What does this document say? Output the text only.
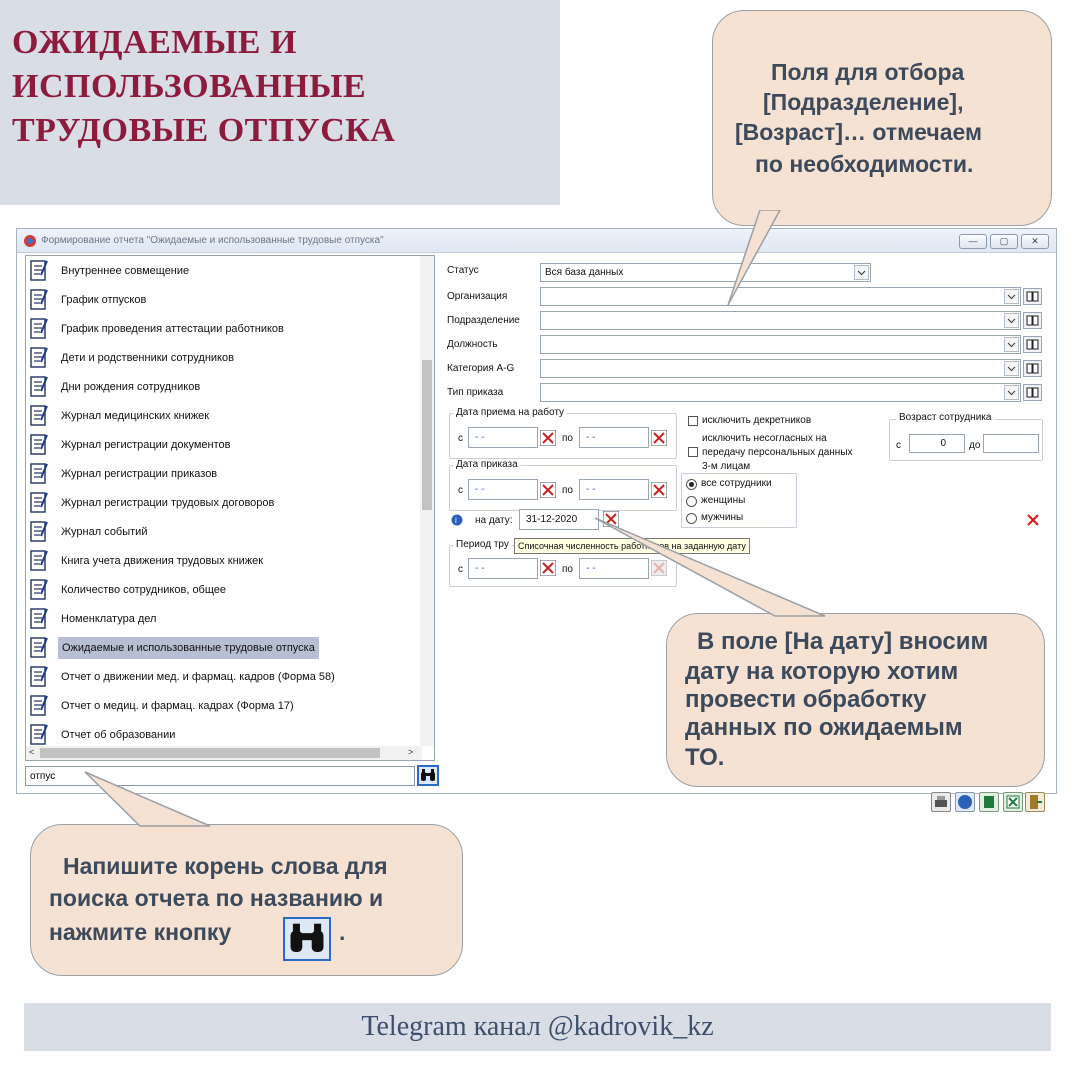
ОЖИДАЕМЫЕ И
ИСПОЛЬЗОВАННЫЕ
ТРУДОВЫЕ ОТПУСКА
Формирование отчета "Ожидаемые и использованные трудовые отпуска"	—	▢	✕
Внутреннее совмещение
График отпусков
График проведения аттестации работников
Дети и родственники сотрудников
Дни рождения сотрудников
Журнал медицинских книжек
Журнал регистрации документов
Журнал регистрации приказов
Журнал регистрации трудовых договоров
Журнал событий
Книга учета движения трудовых книжек
Количество сотрудников, общее
Номенклатура дел
Ожидаемые и использованные трудовые отпуска
Отчет о движении мед. и фармац. кадров (Форма 58)
Отчет о медиц. и фармац. кадрах (Форма 17)
Отчет об образовании
<	>
отпус
Статус	Вся база данных
Организация
Подразделение
Должность
Категория A-G
Тип приказа
Дата приема на работу
с	- -	по	- -
Дата приказа
с	- -	по	- -
i на дату:	31-12-2020
Период тру
с	- -	по	- -
Списочная численность работников на заданную дату
исключить декретников
исключить несогласных на
передачу персональных данных
3-м лицам
все сотрудники
женщины
мужчины
Возраст сотрудника
с	0	до
Поля для отбора
[Подразделение],
[Возраст]… отмечаем
по необходимости.
В поле [На дату] вносим
дату на которую хотим
провести обработку
данных по ожидаемым
ТО.
Напишите корень слова для
поиска отчета по названию и
нажмите кнопку	.
Telegram канал @kadrovik_kz
